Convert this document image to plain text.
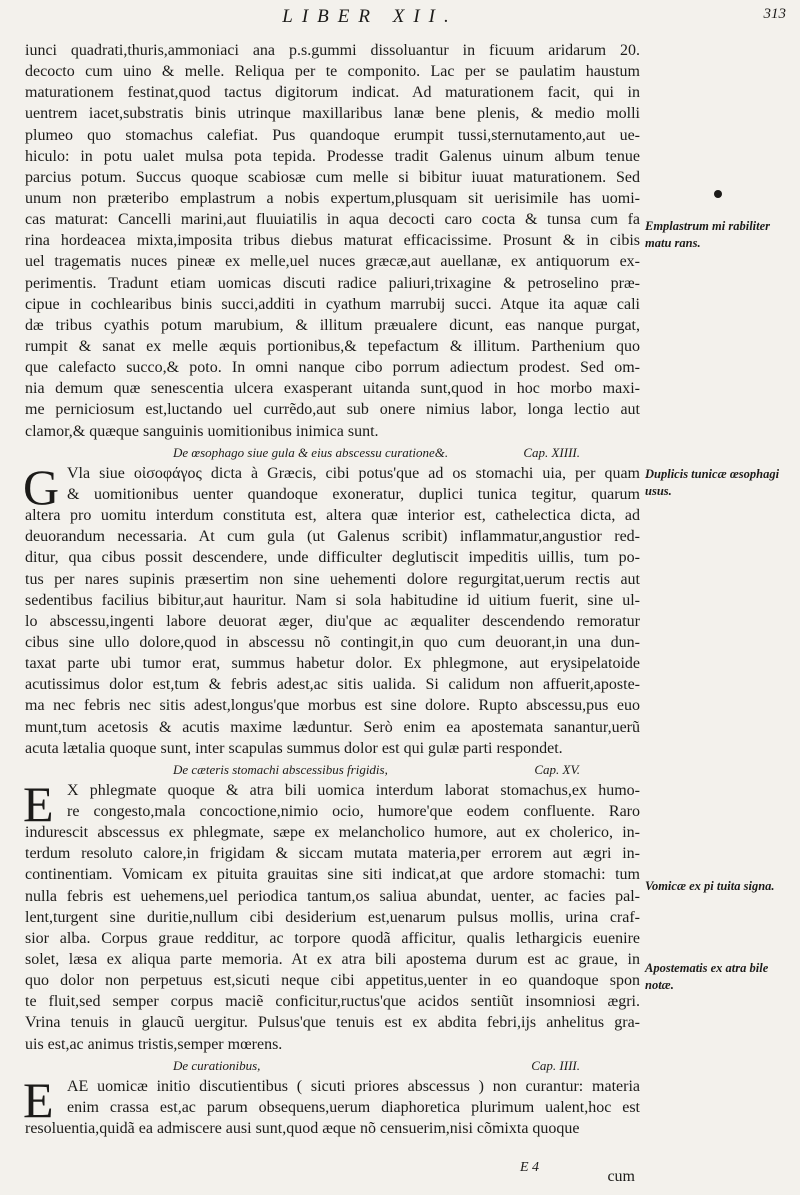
LIBER XII.	313
iunci quadrati,thuris,ammoniaci ana p.s.gummi dissoluantur in ficuum aridarum 20.
decocto cum uino & melle. Reliqua per te componito. Lac per se paulatim haustum
maturationem festinat,quod tactus digitorum indicat. Ad maturationem facit, qui in
uentrem iacet,substratis binis utrinque maxillaribus lanæ bene plenis, & medio molli
plumeo quo stomachus calefiat. Pus quandoque erumpit tussi,sternutamento,aut ue-
hiculo: in potu ualet mulsa pota tepida. Prodesse tradit Galenus uinum album tenue
parcius potum. Succus quoque scabiosæ cum melle si bibitur iuuat maturationem. Sed
unum non præteribo emplastrum a nobis expertum,plusquam sit uerisimile has uomi-
cas maturat: Cancelli marini,aut fluuiatilis in aqua decocti caro cocta & tunsa cum fa
rina hordeacea mixta,imposita tribus diebus maturat efficacissime. Prosunt & in cibis
uel tragematis nuces pineæ ex melle,uel nuces græcæ,aut auellanæ, ex antiquorum ex-
perimentis. Tradunt etiam uomicas discuti radice paliuri,trixagine & petroselino præ-
cipue in cochlearibus binis succi,additi in cyathum marrubij succi. Atque ita aquæ cali
dæ tribus cyathis potum marubium, & illitum præualere dicunt, eas nanque purgat,
rumpit & sanat ex melle æquis portionibus,& tepefactum & illitum. Parthenium quo
que calefacto succo,& poto. In omni nanque cibo porrum adiectum prodest. Sed om-
nia demum quæ senescentia ulcera exasperant uitanda sunt,quod in hoc morbo maxi-
me perniciosum est,luctando uel currẽdo,aut sub onere nimius labor, longa lectio aut
clamor,& quæque sanguinis uomitionibus inimica sunt.
De œsophago siue gula & eius abscessu curatione&.	Cap. XIIII.
G Vla siue οἰσοφάγος dicta à Græcis, cibi potus'que ad os stomachi uia, per quam
& uomitionibus uenter quandoque exoneratur, duplici tunica tegitur, quarum
altera pro uomitu interdum constituta est, altera quæ interior est, cathelectica dicta, ad
deuorandum necessaria. At cum gula (ut Galenus scribit) inflammatur,angustior red-
ditur, qua cibus possit descendere, unde difficulter deglutiscit impeditis uillis, tum po-
tus per nares supinis præsertim non sine uehementi dolore regurgitat,uerum rectis aut
sedentibus facilius bibitur,aut hauritur. Nam si sola habitudine id uitium fuerit, sine ul-
lo abscessu,ingenti labore deuorat æger, diu'que ac æqualiter descendendo remoratur
cibus sine ullo dolore,quod in abscessu nõ contingit,in quo cum deuorant,in una dun-
taxat parte ubi tumor erat, summus habetur dolor. Ex phlegmone, aut erysipelatoide
acutissimus dolor est,tum & febris adest,ac sitis ualida. Si calidum non affuerit,aposte-
ma nec febris nec sitis adest,longus'que morbus est sine dolore. Rupto abscessu,pus euo
munt,tum acetosis & acutis maxime læduntur. Serò enim ea apostemata sanantur,uerũ
acuta lætalia quoque sunt, inter scapulas summus dolor est qui gulæ parti respondet.
De cæteris stomachi abscessibus frigidis,	Cap. XV.
E X phlegmate quoque & atra bili uomica interdum laborat stomachus,ex humo-
re congesto,mala concoctione,nimio ocio, humore'que eodem confluente. Raro
indurescit abscessus ex phlegmate, sæpe ex melancholico humore, aut ex cholerico, in-
terdum resoluto calore,in frigidam & siccam mutata materia,per errorem aut ægri in-
continentiam. Vomicam ex pituita grauitas sine siti indicat,at que ardore stomachi: tum
nulla febris est uehemens,uel periodica tantum,os saliua abundat, uenter, ac facies pal-
lent,turgent sine duritie,nullum cibi desiderium est,uenarum pulsus mollis, urina craf-
sior alba. Corpus graue redditur, ac torpore quodã afficitur, qualis lethargicis euenire
solet, læsa ex aliqua parte memoria. At ex atra bili apostema durum est ac graue, in
quo dolor non perpetuus est,sicuti neque cibi appetitus,uenter in eo quandoque spon
te fluit,sed semper corpus maciẽ conficitur,ructus'que acidos sentiũt insomniosi ægri.
Vrina tenuis in glaucũ uergitur. Pulsus'que tenuis est ex abdita febri,ijs anhelitus gra-
uis est,ac animus tristis,semper mœrens.
De curationibus,	Cap. IIII.
E AE uomicæ initio discutientibus ( sicuti priores abscessus ) non curantur: materia
enim crassa est,ac parum obsequens,uerum diaphoretica plurimum ualent,hoc est
resoluentia,quidã ea admiscere ausi sunt,quod æque nõ censuerim,nisi cõmixta quoque
Emplastrum mi rabiliter matu rans.
Duplicis tunicæ œsophagi usus.
Vomicæ ex pi tuita signa.
Apostematis ex atra bile notæ.
E 4
cum
